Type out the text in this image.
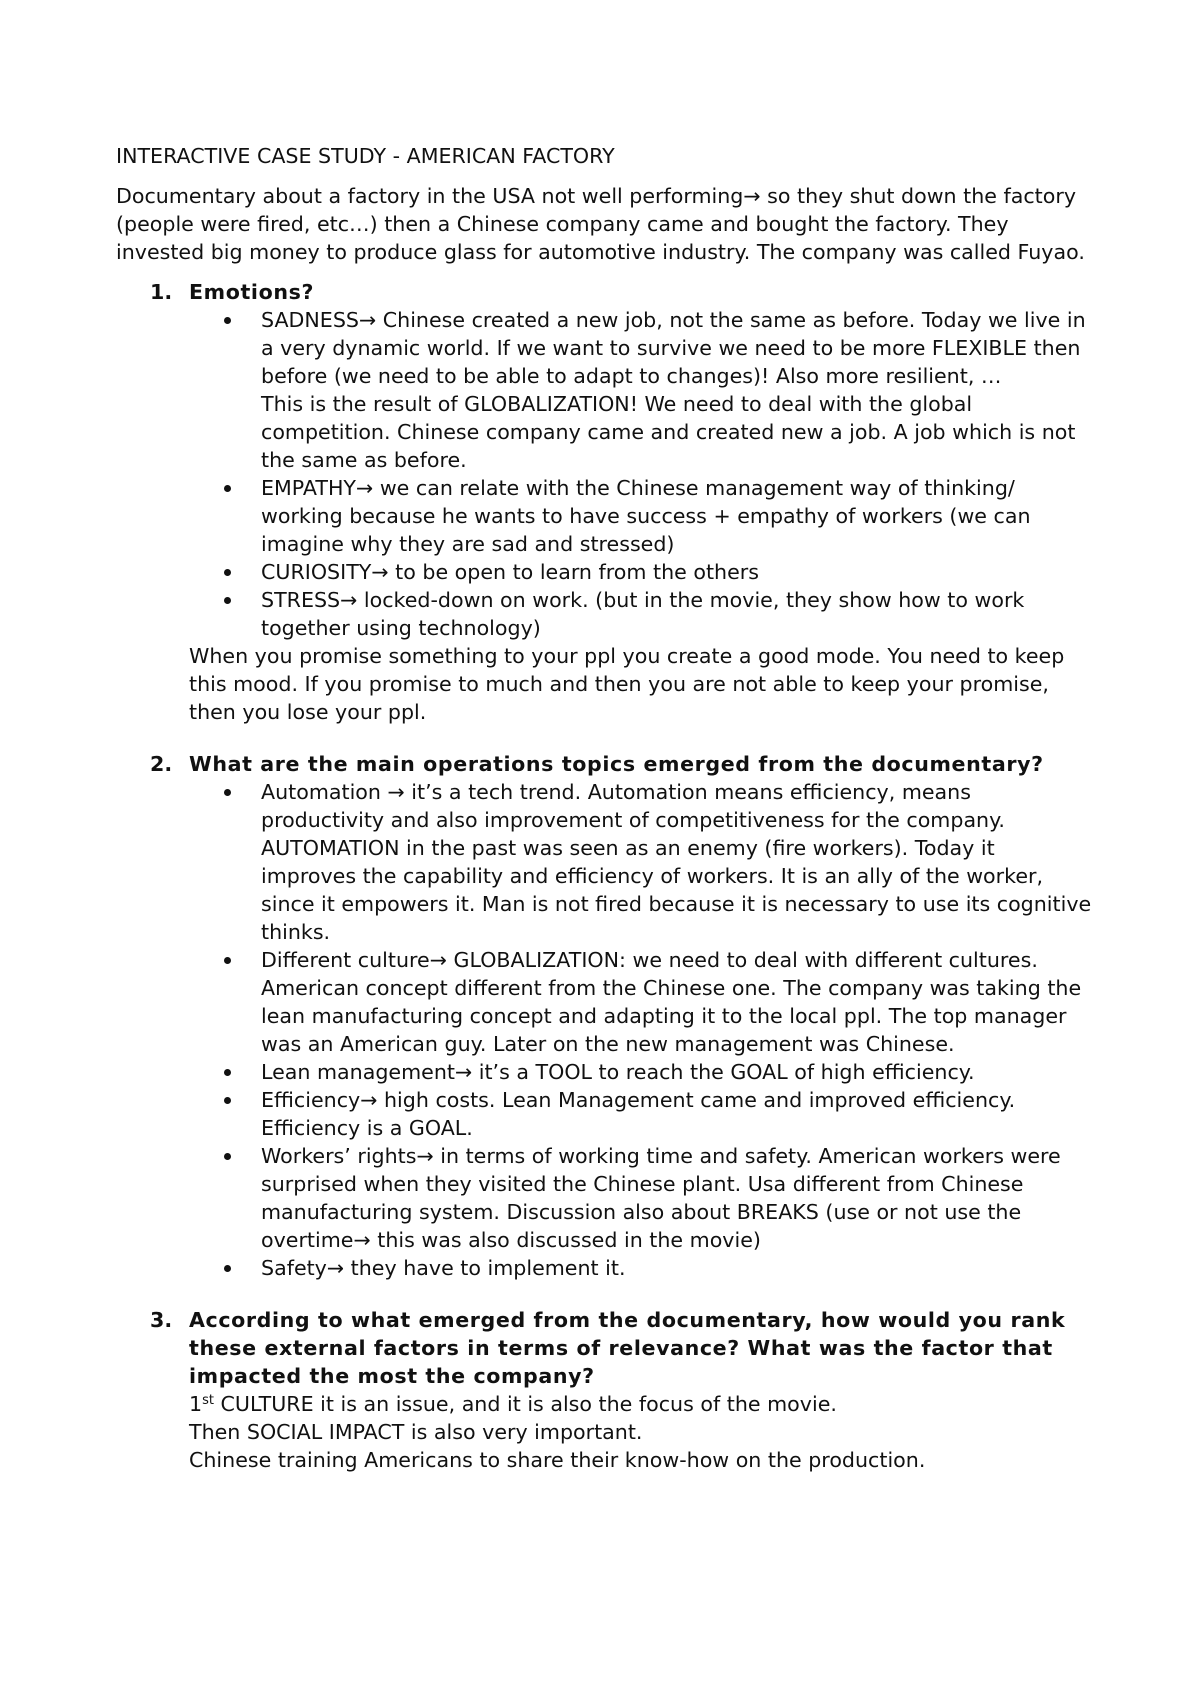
INTERACTIVE CASE STUDY - AMERICAN FACTORY

Documentary about a factory in the USA not well performing→ so they shut down the factory (people were fired, etc…) then a Chinese company came and bought the factory. They invested big money to produce glass for automotive industry. The company was called Fuyao.

1. Emotions?

SADNESS→ Chinese created a new job, not the same as before. Today we live in a very dynamic world. If we want to survive we need to be more FLEXIBLE then before (we need to be able to adapt to changes)! Also more resilient, …
This is the result of GLOBALIZATION! We need to deal with the global competition. Chinese company came and created new a job. A job which is not the same as before.
EMPATHY→ we can relate with the Chinese management way of thinking/ working because he wants to have success + empathy of workers (we can imagine why they are sad and stressed)
CURIOSITY→ to be open to learn from the others
STRESS→ locked-down on work. (but in the movie, they show how to work together using technology)

When you promise something to your ppl you create a good mode. You need to keep this mood. If you promise to much and then you are not able to keep your promise, then you lose your ppl.

2. What are the main operations topics emerged from the documentary?

Automation → it’s a tech trend. Automation means efficiency, means productivity and also improvement of competitiveness for the company. AUTOMATION in the past was seen as an enemy (fire workers). Today it improves the capability and efficiency of workers. It is an ally of the worker, since it empowers it. Man is not fired because it is necessary to use its cognitive thinks.
Different culture→ GLOBALIZATION: we need to deal with different cultures. American concept different from the Chinese one. The company was taking the lean manufacturing concept and adapting it to the local ppl. The top manager was an American guy. Later on the new management was Chinese.
Lean management→ it’s a TOOL to reach the GOAL of high efficiency.
Efficiency→ high costs. Lean Management came and improved efficiency. Efficiency is a GOAL.
Workers’ rights→ in terms of working time and safety. American workers were surprised when they visited the Chinese plant. Usa different from Chinese manufacturing system. Discussion also about BREAKS (use or not use the overtime→ this was also discussed in the movie)
Safety→ they have to implement it.
3. According to what emerged from the documentary, how would you rank these external factors in terms of relevance? What was the factor that impacted the most the company?

1st CULTURE it is an issue, and it is also the focus of the movie.

Then SOCIAL IMPACT is also very important.

Chinese training Americans to share their know-how on the production.
